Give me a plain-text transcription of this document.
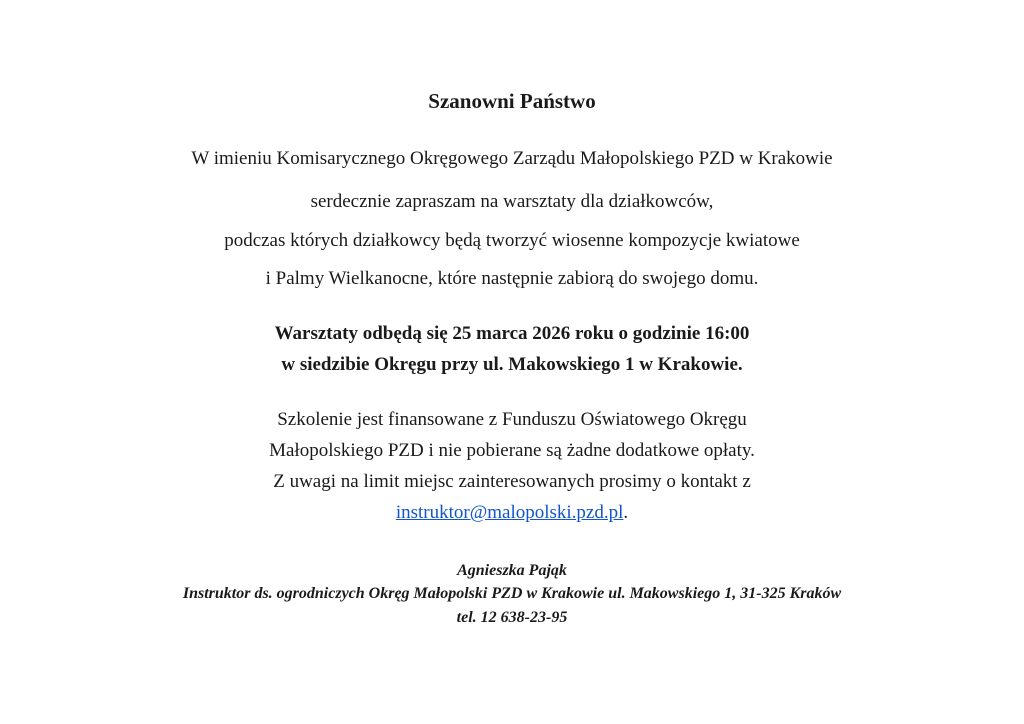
Szanowni Państwo
W imieniu Komisarycznego Okręgowego Zarządu Małopolskiego PZD w Krakowie
serdecznie zapraszam na warsztaty dla działkowców,
podczas których działkowcy będą tworzyć wiosenne kompozycje kwiatowe
i Palmy Wielkanocne, które następnie zabiorą do swojego domu.
Warsztaty odbędą się 25 marca 2026 roku o godzinie 16:00
w siedzibie Okręgu przy ul. Makowskiego 1 w Krakowie.
Szkolenie jest finansowane z Funduszu Oświatowego Okręgu
Małopolskiego PZD i nie pobierane są żadne dodatkowe opłaty.
Z uwagi na limit miejsc zainteresowanych prosimy o kontakt z
instruktor@malopolski.pzd.pl.
Agnieszka Pająk
Instruktor ds. ogrodniczych Okręg Małopolski PZD w Krakowie ul. Makowskiego 1, 31-325 Kraków
tel. 12 638-23-95
